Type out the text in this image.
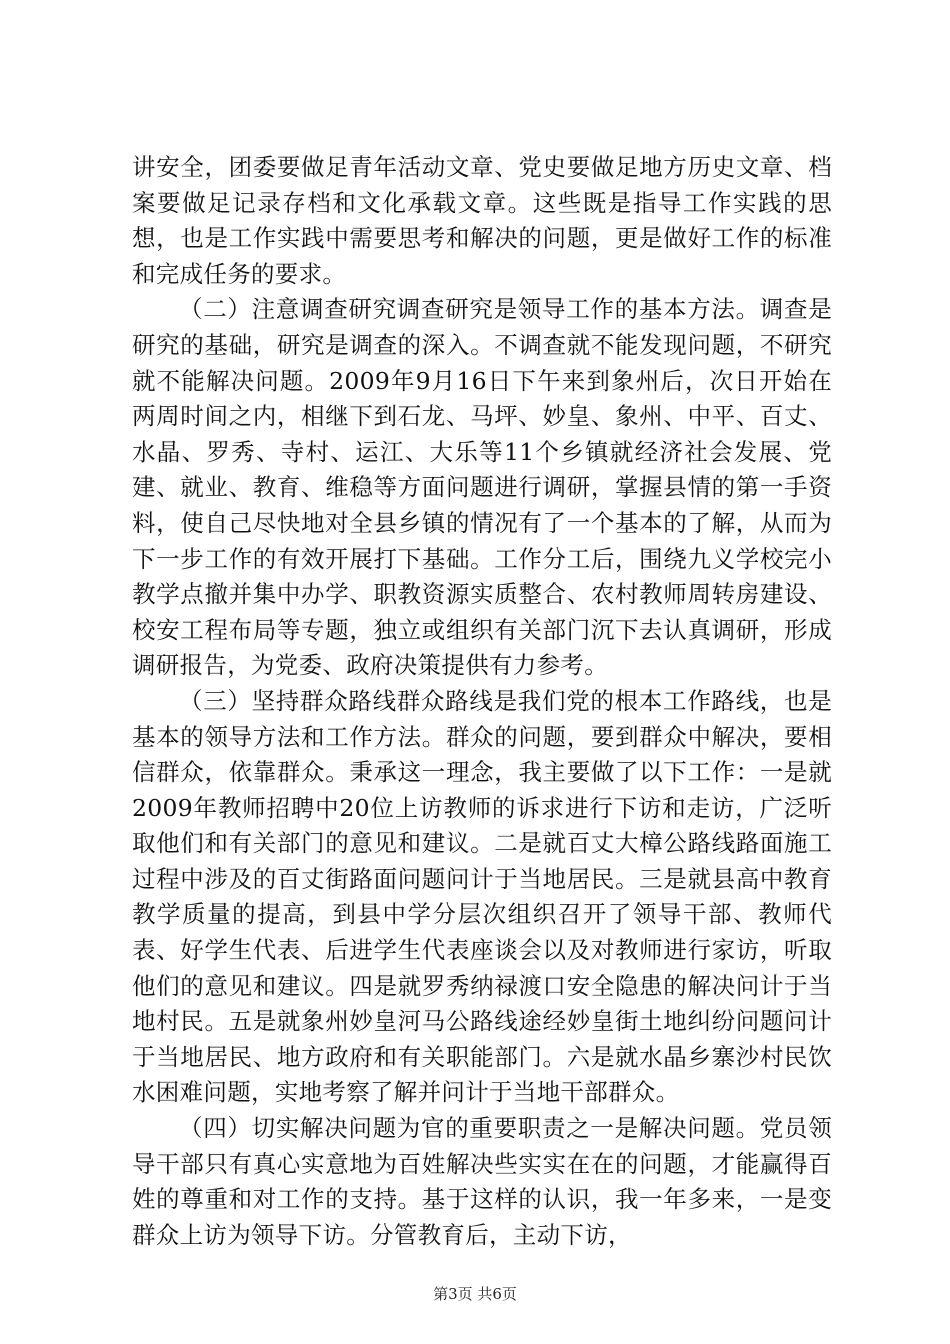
讲安全，团委要做足青年活动文章、党史要做足地方历史文章、档案要做足记录存档和文化承载文章。这些既是指导工作实践的思想，也是工作实践中需要思考和解决的问题，更是做好工作的标准和完成任务的要求。

（二）注意调查研究调查研究是领导工作的基本方法。调查是研究的基础，研究是调查的深入。不调查就不能发现问题，不研究就不能解决问题。2009年9月16日下午来到象州后，次日开始在两周时间之内，相继下到石龙、马坪、妙皇、象州、中平、百丈、水晶、罗秀、寺村、运江、大乐等11个乡镇就经济社会发展、党建、就业、教育、维稳等方面问题进行调研，掌握县情的第一手资料，使自己尽快地对全县乡镇的情况有了一个基本的了解，从而为下一步工作的有效开展打下基础。工作分工后，围绕九义学校完小教学点撤并集中办学、职教资源实质整合、农村教师周转房建设、校安工程布局等专题，独立或组织有关部门沉下去认真调研，形成调研报告，为党委、政府决策提供有力参考。

（三）坚持群众路线群众路线是我们党的根本工作路线，也是基本的领导方法和工作方法。群众的问题，要到群众中解决，要相信群众，依靠群众。秉承这一理念，我主要做了以下工作：一是就2009年教师招聘中20位上访教师的诉求进行下访和走访，广泛听取他们和有关部门的意见和建议。二是就百丈大樟公路线路面施工过程中涉及的百丈街路面问题问计于当地居民。三是就县高中教育教学质量的提高，到县中学分层次组织召开了领导干部、教师代表、好学生代表、后进学生代表座谈会以及对教师进行家访，听取他们的意见和建议。四是就罗秀纳禄渡口安全隐患的解决问计于当地村民。五是就象州妙皇河马公路线途经妙皇街土地纠纷问题问计于当地居民、地方政府和有关职能部门。六是就水晶乡寨沙村民饮水困难问题，实地考察了解并问计于当地干部群众。

（四）切实解决问题为官的重要职责之一是解决问题。党员领导干部只有真心实意地为百姓解决些实实在在的问题，才能赢得百姓的尊重和对工作的支持。基于这样的认识，我一年多来，一是变群众上访为领导下访。分管教育后，主动下访，

第3页 共6页
